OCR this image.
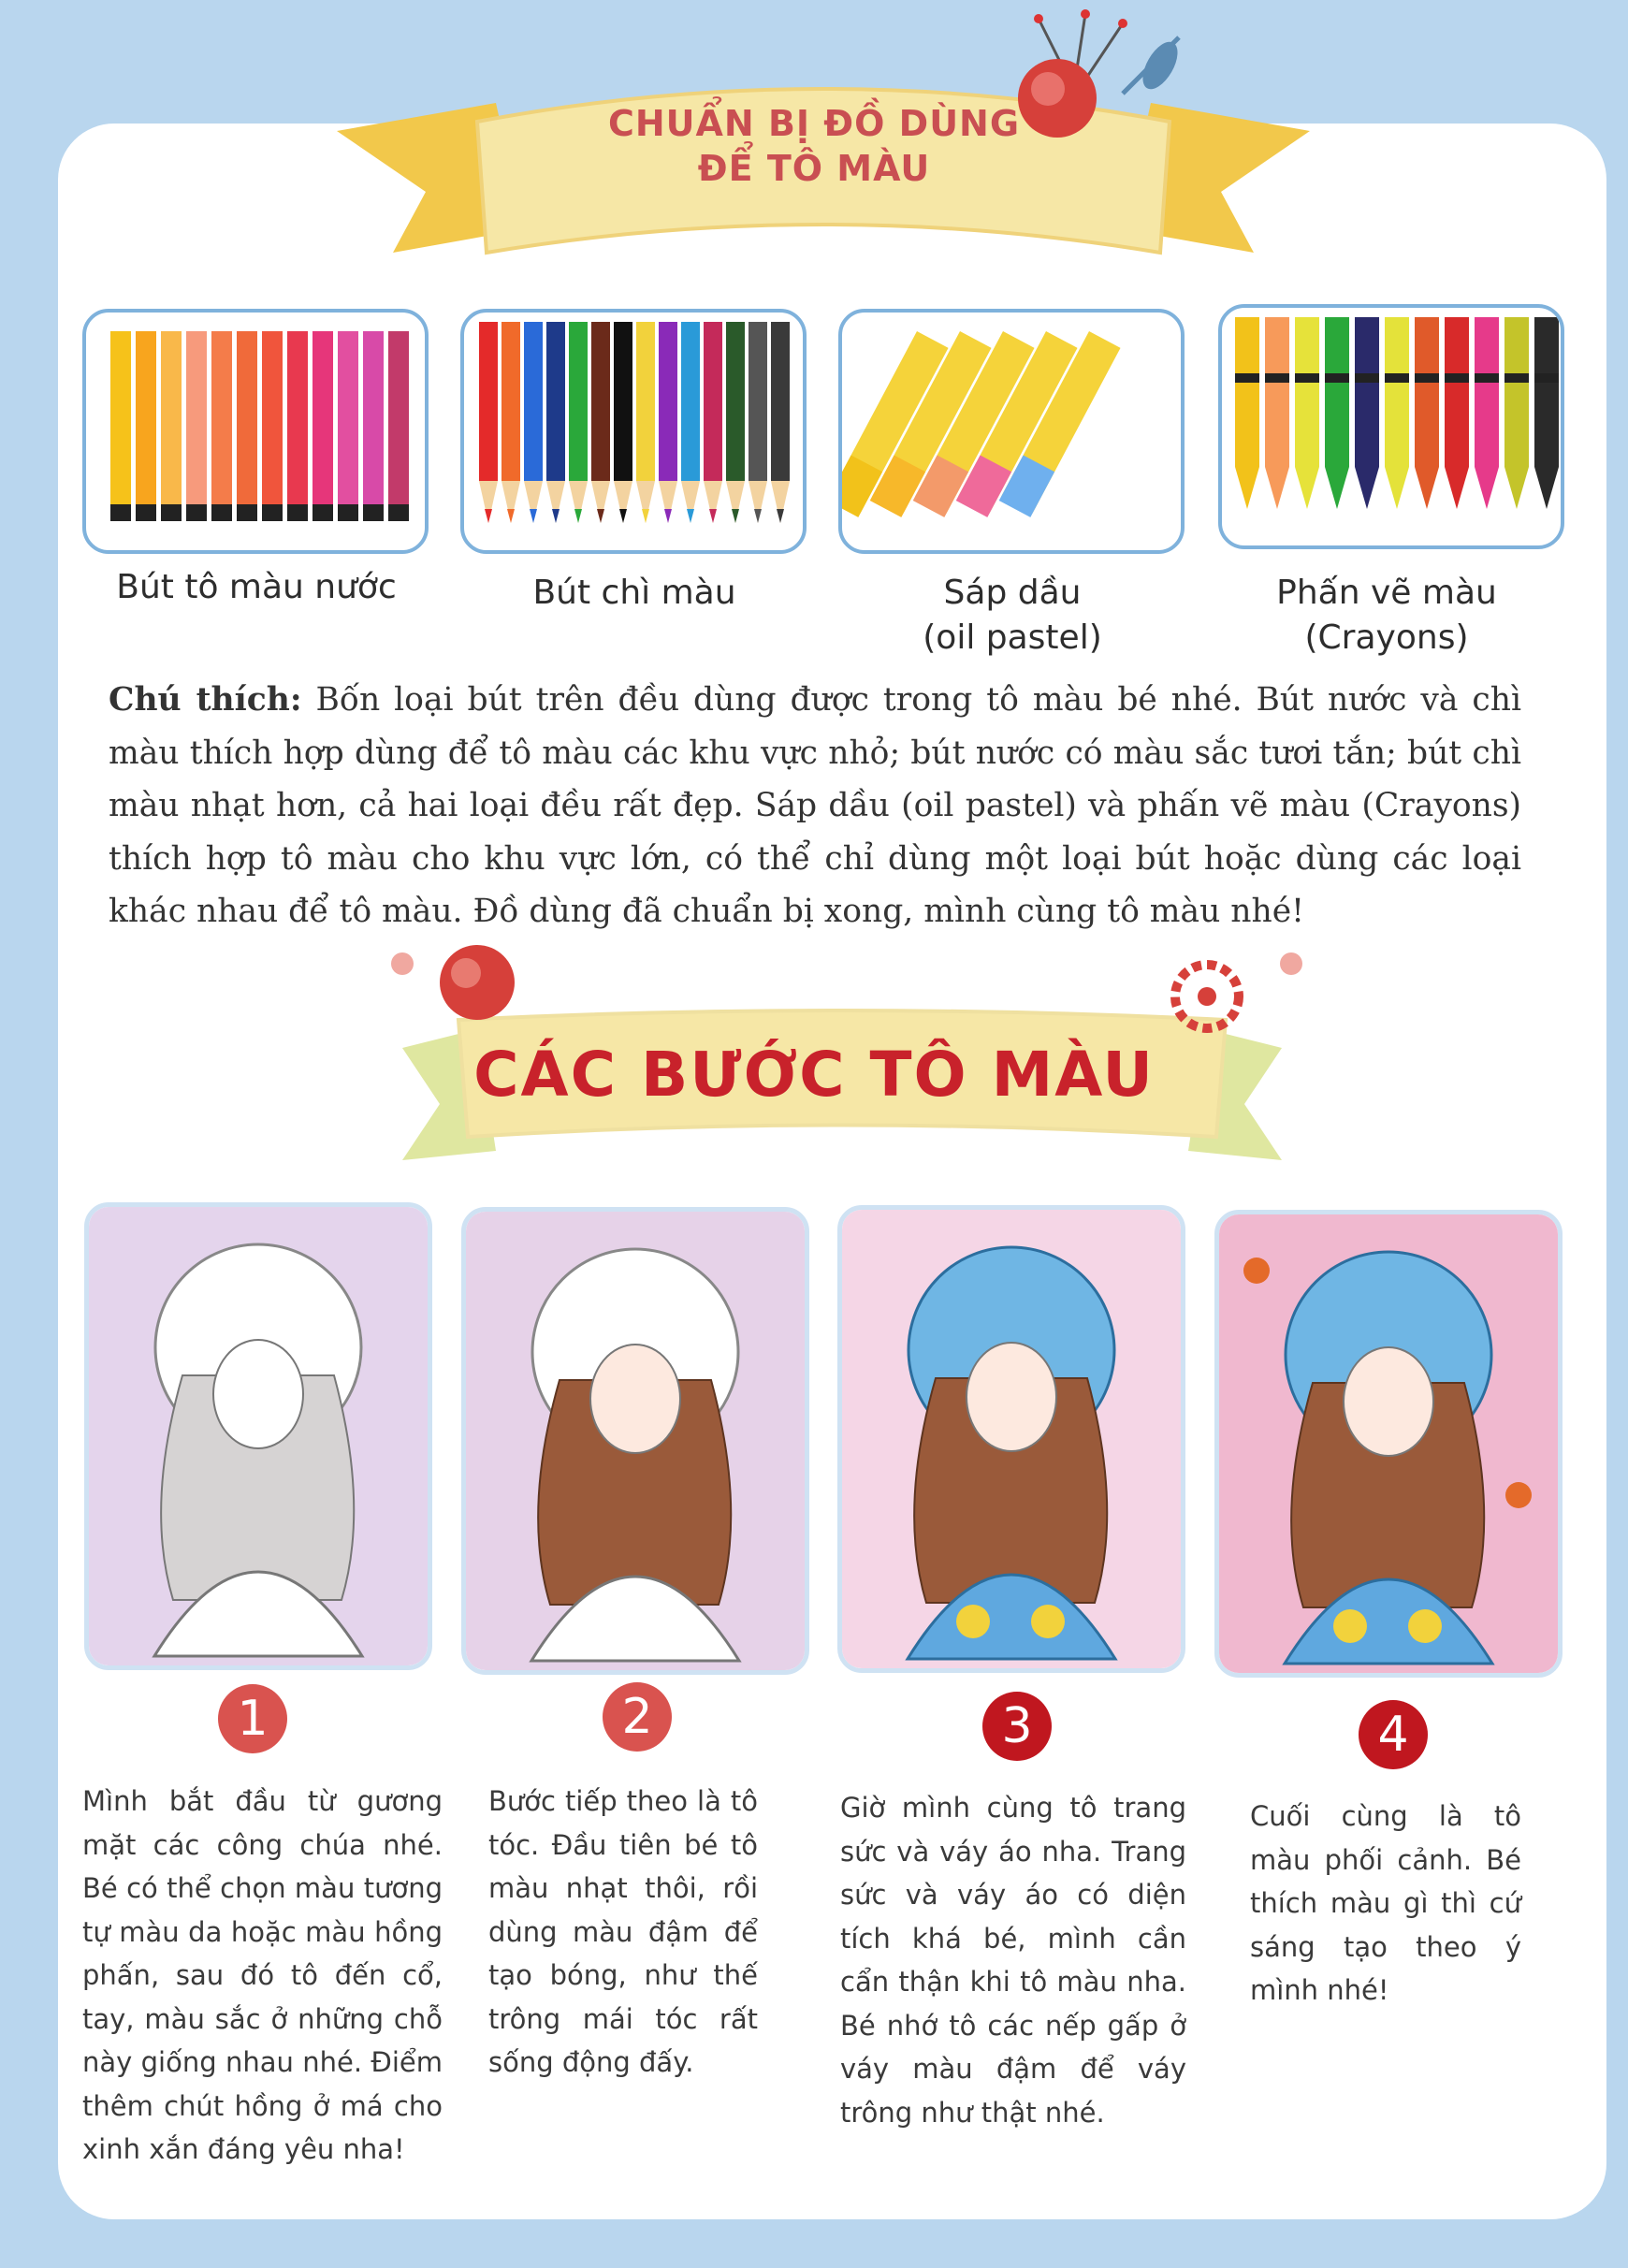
CHUẨN BỊ ĐỒ DÙNG
ĐỂ TÔ MÀU
Bút tô màu nước	Bút chì màu	Sáp dầu
(oil pastel)
Phấn vẽ màu
(Crayons)
Chú thích: Bốn loại bút trên đều dùng được trong tô màu bé nhé. Bút nước và chì màu thích hợp dùng để tô màu các khu vực nhỏ; bút nước có màu sắc tươi tắn; bút chì màu nhạt hơn, cả hai loại đều rất đẹp. Sáp dầu (oil pastel) và phấn vẽ màu (Crayons) thích hợp tô màu cho khu vực lớn, có thể chỉ dùng một loại bút hoặc dùng các loại khác nhau để tô màu. Đồ dùng đã chuẩn bị xong, mình cùng tô màu nhé!
CÁC BƯỚC TÔ MÀU
1	2	3	4
Mình bắt đầu từ gương mặt các công chúa nhé. Bé có thể chọn màu tương tự màu da hoặc màu hồng phấn, sau đó tô đến cổ, tay, màu sắc ở những chỗ này giống nhau nhé. Điểm thêm chút hồng ở má cho xinh xắn đáng yêu nha!
Bước tiếp theo là tô tóc. Đầu tiên bé tô màu nhạt thôi, rồi dùng màu đậm để tạo bóng, như thế trông mái tóc rất sống động đấy.
Giờ mình cùng tô trang sức và váy áo nha. Trang sức và váy áo có diện tích khá bé, mình cần cẩn thận khi tô màu nha. Bé nhớ tô các nếp gấp ở váy màu đậm để váy trông như thật nhé.
Cuối cùng là tô màu phối cảnh. Bé thích màu gì thì cứ sáng tạo theo ý mình nhé!
